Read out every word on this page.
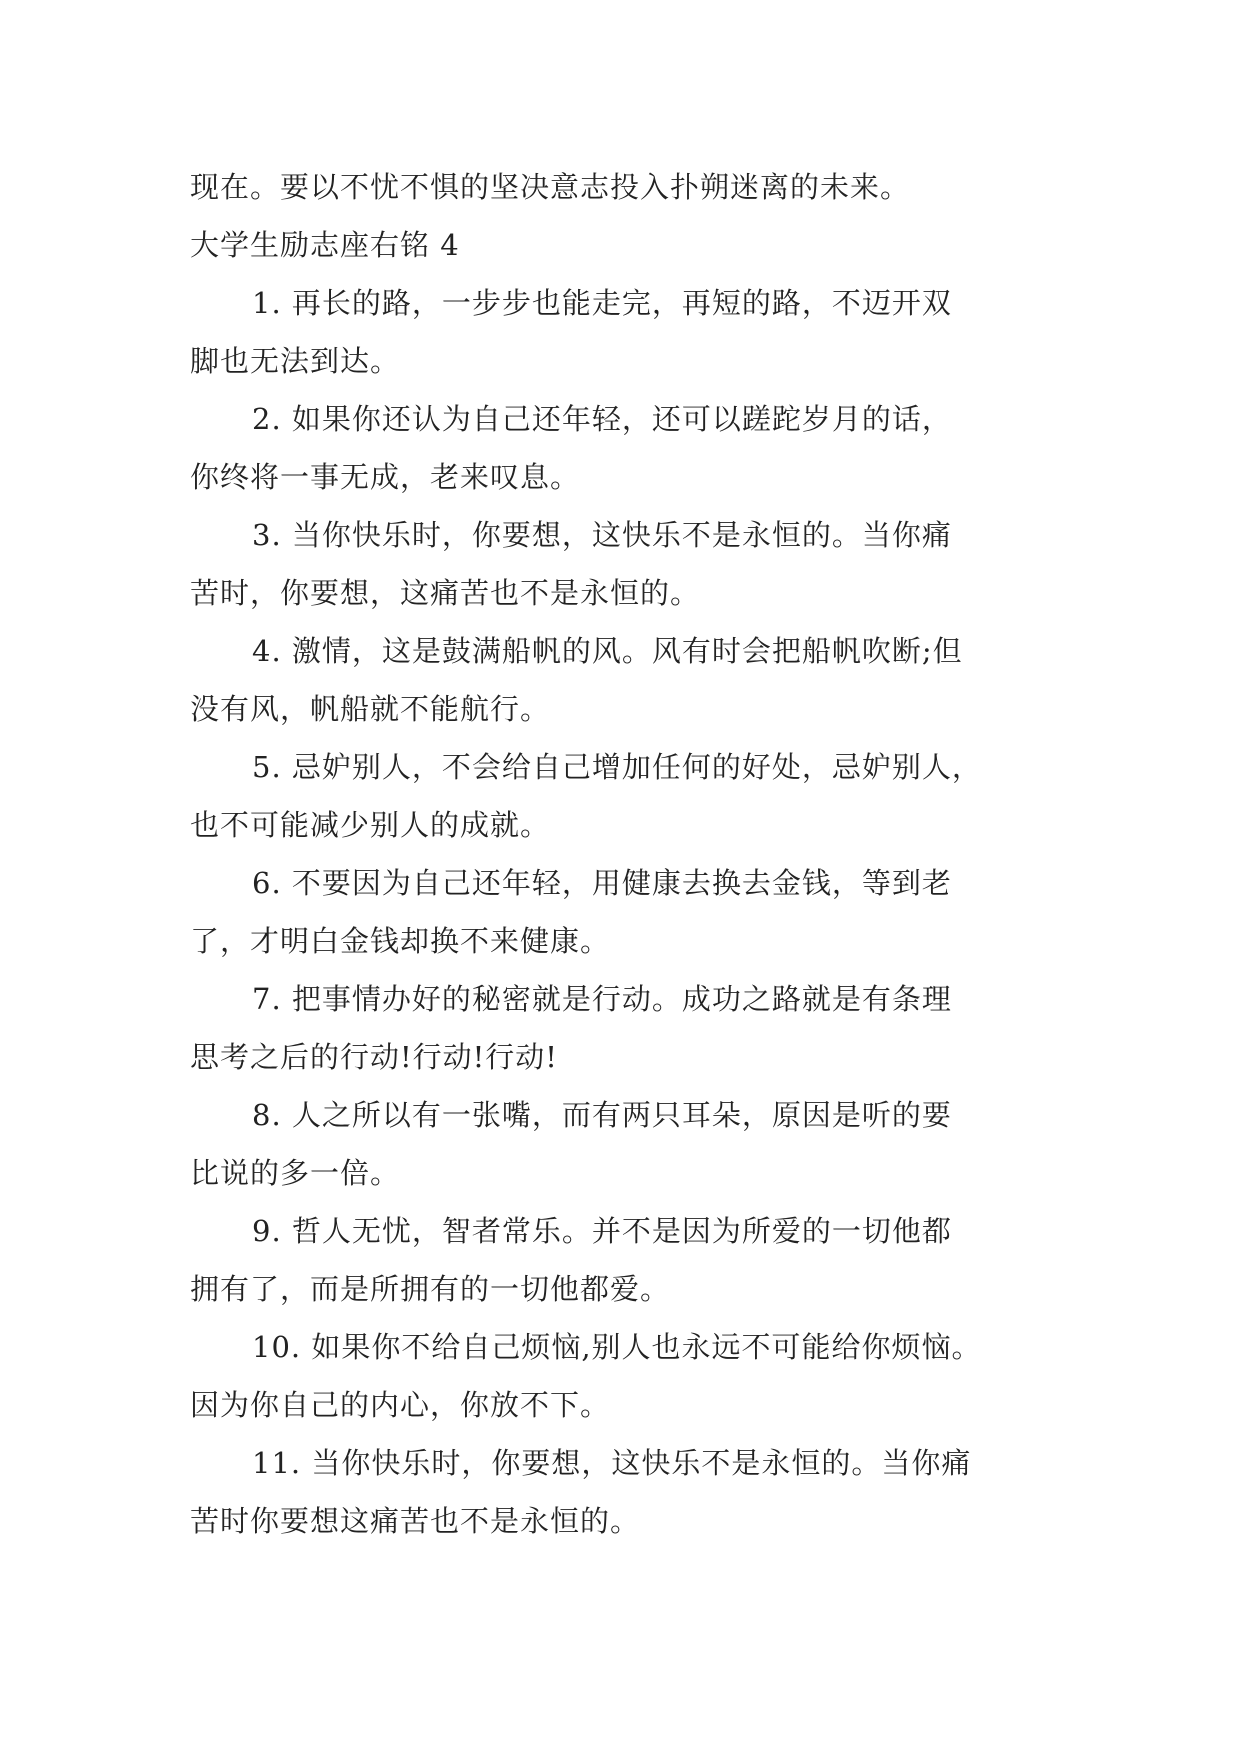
现在。要以不忧不惧的坚决意志投入扑朔迷离的未来。

大学生励志座右铭 4

1. 再长的路，一步步也能走完，再短的路，不迈开双

脚也无法到达。

2. 如果你还认为自己还年轻，还可以蹉跎岁月的话，

你终将一事无成，老来叹息。

3. 当你快乐时，你要想，这快乐不是永恒的。当你痛

苦时，你要想，这痛苦也不是永恒的。

4. 激情，这是鼓满船帆的风。风有时会把船帆吹断;但

没有风，帆船就不能航行。

5. 忌妒别人，不会给自己增加任何的好处，忌妒别人，

也不可能减少别人的成就。

6. 不要因为自己还年轻，用健康去换去金钱，等到老

了，才明白金钱却换不来健康。

7. 把事情办好的秘密就是行动。成功之路就是有条理

思考之后的行动!行动!行动!

8. 人之所以有一张嘴，而有两只耳朵，原因是听的要

比说的多一倍。

9. 哲人无忧，智者常乐。并不是因为所爱的一切他都

拥有了，而是所拥有的一切他都爱。

10. 如果你不给自己烦恼,别人也永远不可能给你烦恼。

因为你自己的内心，你放不下。

11. 当你快乐时，你要想，这快乐不是永恒的。当你痛

苦时你要想这痛苦也不是永恒的。
